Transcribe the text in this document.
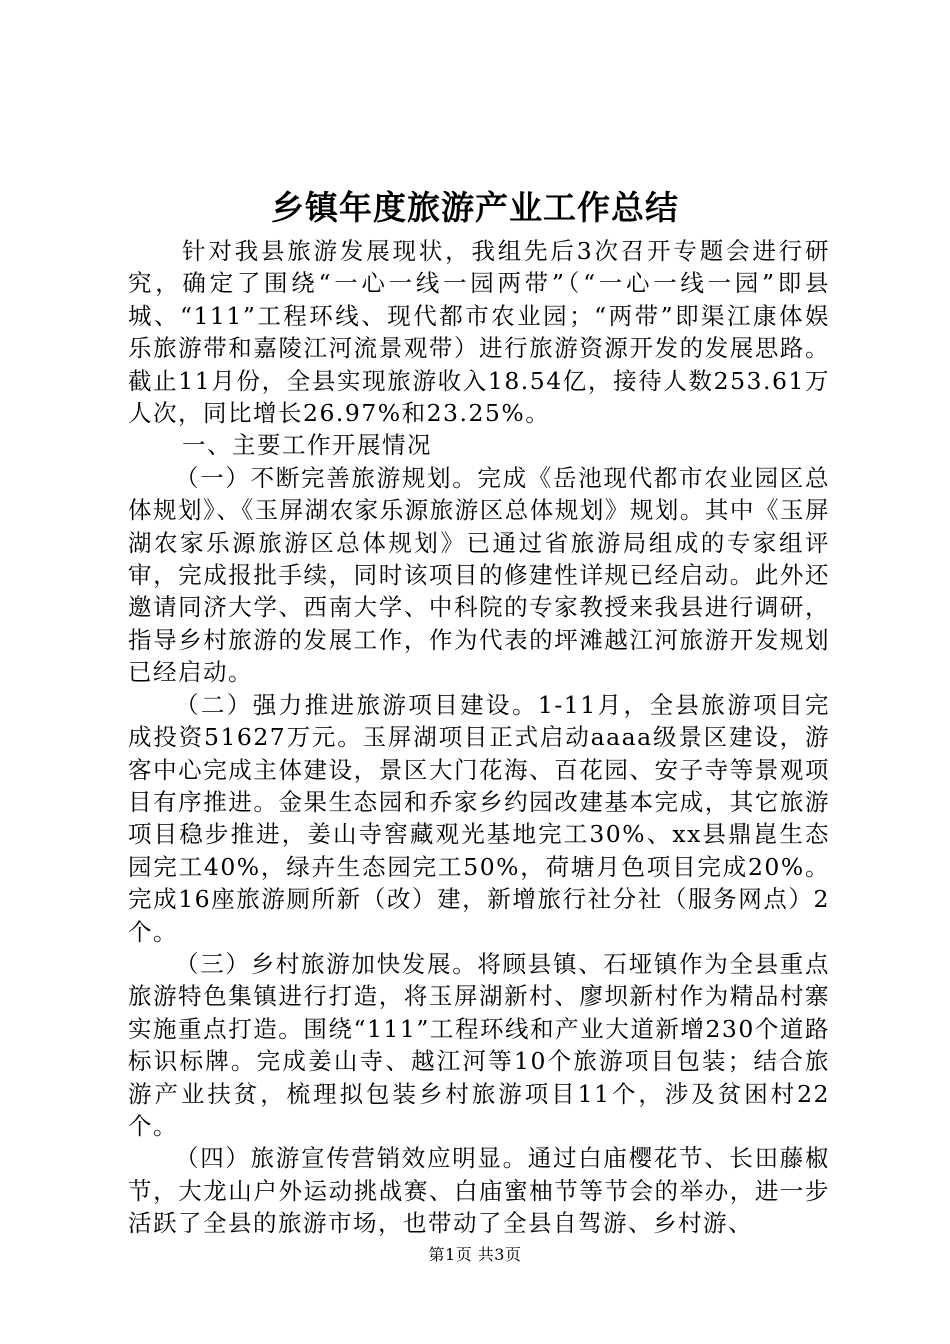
乡镇年度旅游产业工作总结

针对我县旅游发展现状，我组先后3次召开专题会进行研究，确定了围绕“一心一线一园两带”（“一心一线一园”即县城、“111”工程环线、现代都市农业园；“两带”即渠江康体娱乐旅游带和嘉陵江河流景观带）进行旅游资源开发的发展思路。截止11月份，全县实现旅游收入18.54亿，接待人数253.61万人次，同比增长26.97%和23.25%。

一、主要工作开展情况

（一）不断完善旅游规划。完成《岳池现代都市农业园区总体规划》、《玉屏湖农家乐源旅游区总体规划》规划。其中《玉屏湖农家乐源旅游区总体规划》已通过省旅游局组成的专家组评审，完成报批手续，同时该项目的修建性详规已经启动。此外还邀请同济大学、西南大学、中科院的专家教授来我县进行调研，指导乡村旅游的发展工作，作为代表的坪滩越江河旅游开发规划已经启动。

（二）强力推进旅游项目建设。1-11月，全县旅游项目完成投资51627万元。玉屏湖项目正式启动aaaa级景区建设，游客中心完成主体建设，景区大门花海、百花园、安子寺等景观项目有序推进。金果生态园和乔家乡约园改建基本完成，其它旅游项目稳步推进，姜山寺窖藏观光基地完工30%、xx县鼎崑生态园完工40%，绿卉生态园完工50%，荷塘月色项目完成20%。完成16座旅游厕所新（改）建，新增旅行社分社（服务网点）2个。

（三）乡村旅游加快发展。将顾县镇、石垭镇作为全县重点旅游特色集镇进行打造，将玉屏湖新村、廖坝新村作为精品村寨实施重点打造。围绕“111”工程环线和产业大道新增230个道路标识标牌。完成姜山寺、越江河等10个旅游项目包装；结合旅游产业扶贫，梳理拟包装乡村旅游项目11个，涉及贫困村22个。

（四）旅游宣传营销效应明显。通过白庙樱花节、长田藤椒节，大龙山户外运动挑战赛、白庙蜜柚节等节会的举办，进一步活跃了全县的旅游市场，也带动了全县自驾游、乡村游、

第1页 共3页
